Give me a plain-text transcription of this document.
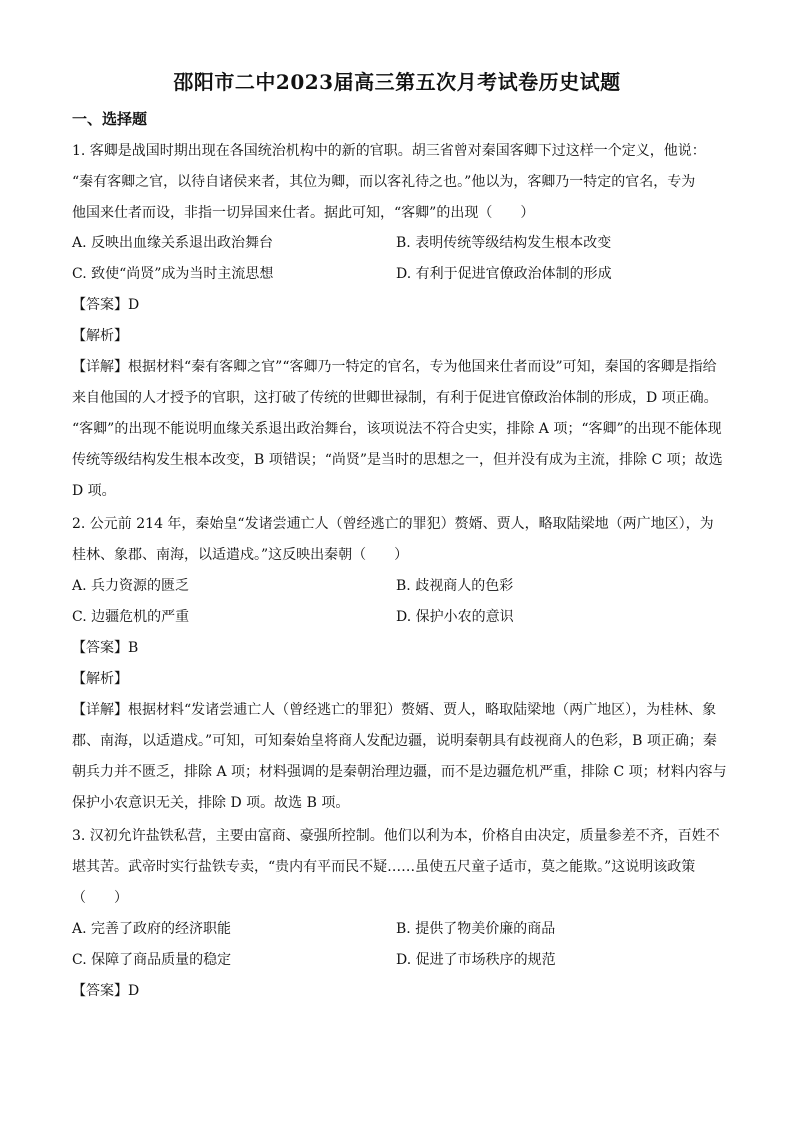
邵阳市二中2023届高三第五次月考试卷历史试题
一、选择题
1. 客卿是战国时期出现在各国统治机构中的新的官职。胡三省曾对秦国客卿下过这样一个定义，他说：
“秦有客卿之官，以待自诸侯来者，其位为卿，而以客礼待之也。”他以为，客卿乃一特定的官名，专为
他国来仕者而设，非指一切异国来仕者。据此可知，“客卿”的出现（　　）
A. 反映出血缘关系退出政治舞台	B. 表明传统等级结构发生根本改变
C. 致使“尚贤”成为当时主流思想	D. 有利于促进官僚政治体制的形成
【答案】D
【解析】
【详解】根据材料“秦有客卿之官”“客卿乃一特定的官名，专为他国来仕者而设”可知，秦国的客卿是指给
来自他国的人才授予的官职，这打破了传统的世卿世禄制，有利于促进官僚政治体制的形成，D 项正确。
“客卿”的出现不能说明血缘关系退出政治舞台，该项说法不符合史实，排除 A 项；“客卿”的出现不能体现
传统等级结构发生根本改变，B 项错误；“尚贤”是当时的思想之一，但并没有成为主流，排除 C 项；故选
D 项。
2. 公元前 214 年，秦始皇“发诸尝逋亡人（曾经逃亡的罪犯）赘婿、贾人，略取陆梁地（两广地区），为
桂林、象郡、南海，以适遣戍。”这反映出秦朝（　　）
A. 兵力资源的匮乏	B. 歧视商人的色彩
C. 边疆危机的严重	D. 保护小农的意识
【答案】B
【解析】
【详解】根据材料“发诸尝逋亡人（曾经逃亡的罪犯）赘婿、贾人，略取陆梁地（两广地区），为桂林、象
郡、南海，以适遣戍。”可知，可知秦始皇将商人发配边疆，说明秦朝具有歧视商人的色彩，B 项正确；秦
朝兵力并不匮乏，排除 A 项；材料强调的是秦朝治理边疆，而不是边疆危机严重，排除 C 项；材料内容与
保护小农意识无关，排除 D 项。故选 B 项。
3. 汉初允许盐铁私营，主要由富商、豪强所控制。他们以利为本，价格自由决定，质量参差不齐，百姓不
堪其苦。武帝时实行盐铁专卖，“贵内有平而民不疑……虽使五尺童子适市，莫之能欺。”这说明该政策
（　　）
A. 完善了政府的经济职能	B. 提供了物美价廉的商品
C. 保障了商品质量的稳定	D. 促进了市场秩序的规范
【答案】D
